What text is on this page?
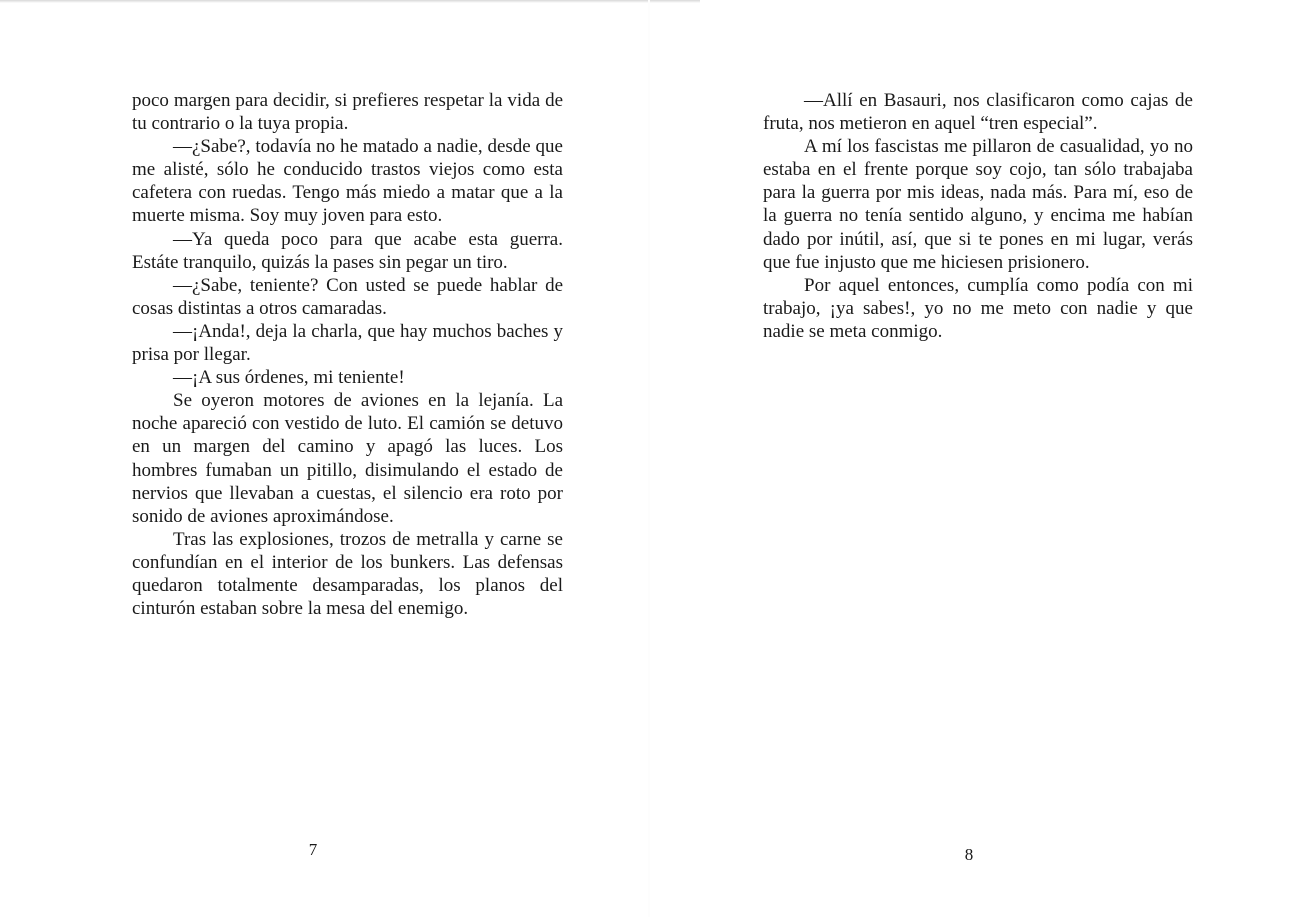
poco margen para decidir, si prefieres respetar la vida de tu contrario o la tuya propia.

—¿Sabe?, todavía no he matado a nadie, desde que me alisté, sólo he conducido trastos viejos como esta cafetera con ruedas. Tengo más miedo a matar que a la muerte misma. Soy muy joven para esto.

—Ya queda poco para que acabe esta guerra. Estáte tranquilo, quizás la pases sin pegar un tiro.

—¿Sabe, teniente? Con usted se puede hablar de cosas distintas a otros camaradas.

—¡Anda!, deja la charla, que hay muchos baches y prisa por llegar.

—¡A sus órdenes, mi teniente!

Se oyeron motores de aviones en la lejanía. La noche apareció con vestido de luto. El camión se detuvo en un margen del camino y apagó las luces. Los hombres fumaban un pitillo, disimulando el estado de nervios que llevaban a cuestas, el silencio era roto por sonido de aviones aproximándose.

Tras las explosiones, trozos de metralla y carne se confundían en el interior de los bunkers. Las defensas quedaron totalmente desamparadas, los planos del cinturón estaban sobre la mesa del enemigo.

7

—Allí en Basauri, nos clasificaron como cajas de fruta, nos metieron en aquel “tren especial”.

A mí los fascistas me pillaron de casualidad, yo no estaba en el frente porque soy cojo, tan sólo trabajaba para la guerra por mis ideas, nada más. Para mí, eso de la guerra no tenía sentido alguno, y encima me habían dado por inútil, así, que si te pones en mi lugar, verás que fue injusto que me hiciesen prisionero.

Por aquel entonces, cumplía como podía con mi trabajo, ¡ya sabes!, yo no me meto con nadie y que nadie se meta conmigo.

8
